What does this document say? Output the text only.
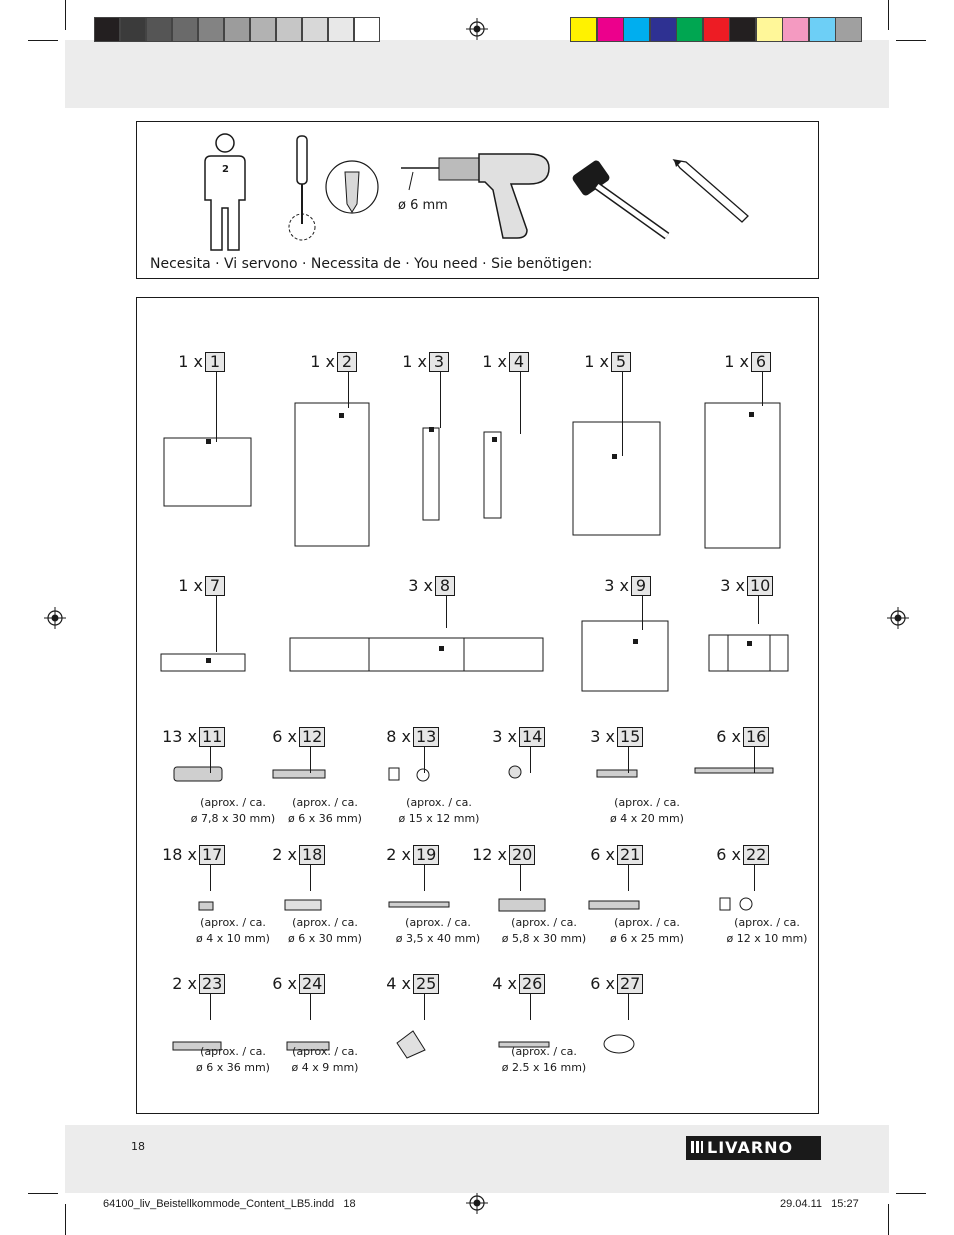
2
ø 6 mm
Necesita · Vi servono · Necessita de · You need · Sie benötigen:
1 x 1	1 x 2	1 x 3	1 x 4	1 x 5	1 x 6
1 x 7	3 x 8	3 x 9	3 x 10
13 x 11
(aprox. / ca.
ø 7,8 x 30 mm)
6 x 12
(aprox. / ca.
ø 6 x 36 mm)
8 x 13
(aprox. / ca.
ø 15 x 12 mm)
3 x 14	3 x 15
(aprox. / ca.
ø 4 x 20 mm)
6 x 16
18 x 17
(aprox. / ca.
ø 4 x 10 mm)
2 x 18
(aprox. / ca.
ø 6 x 30 mm)
2 x 19
(aprox. / ca.
ø 3,5 x 40 mm)
12 x 20
(aprox. / ca.
ø 5,8 x 30 mm)
6 x 21
(aprox. / ca.
ø 6 x 25 mm)
6 x 22
(aprox. / ca.
ø 12 x 10 mm)
2 x 23
(aprox. / ca.
ø 6 x 36 mm)
6 x 24
(aprox. / ca.
ø 4 x 9 mm)
4 x 25	4 x 26
(aprox. / ca.
ø 2.5 x 16 mm)
6 x 27
18	LIVARNO
64100_liv_Beistellkommode_Content_LB5.indd   18	29.04.11   15:27
